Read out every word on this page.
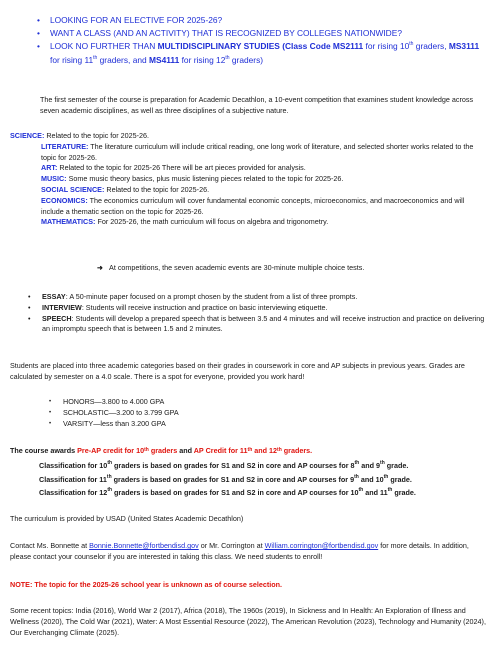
• LOOKING FOR AN ELECTIVE FOR 2025-26?
• WANT A CLASS (AND AN ACTIVITY) THAT IS RECOGNIZED BY COLLEGES NATIONWIDE?
• LOOK NO FURTHER THAN MULTIDISCIPLINARY STUDIES (Class Code MS2111 for rising 10th graders, MS3111 for rising 11th graders, and MS4111 for rising 12th graders)
The first semester of the course is preparation for Academic Decathlon, a 10-event competition that examines student knowledge across seven academic disciplines, as well as three disciplines of a subjective nature.
SCIENCE: Related to the topic for 2025-26.
LITERATURE: The literature curriculum will include critical reading, one long work of literature, and selected shorter works related to the topic for 2025-26.
ART: Related to the topic for 2025-26 There will be art pieces provided for analysis.
MUSIC: Some music theory basics, plus music listening pieces related to the topic for 2025-26.
SOCIAL SCIENCE: Related to the topic for 2025-26.
ECONOMICS: The economics curriculum will cover fundamental economic concepts, microeconomics, and macroeconomics and will include a thematic section on the topic for 2025-26.
MATHEMATICS: For 2025-26, the math curriculum will focus on algebra and trigonometry.
➜ At competitions, the seven academic events are 30-minute multiple choice tests.
• ESSAY: A 50-minute paper focused on a prompt chosen by the student from a list of three prompts.
• INTERVIEW: Students will receive instruction and practice on basic interviewing etiquette.
• SPEECH: Students will develop a prepared speech that is between 3.5 and 4 minutes and will receive instruction and practice on delivering an impromptu speech that is between 1.5 and 2 minutes.
Students are placed into three academic categories based on their grades in coursework in core and AP subjects in previous years. Grades are calculated by semester on a 4.0 scale. There is a spot for everyone, provided you work hard!
• HONORS—3.800 to 4.000 GPA
• SCHOLASTIC—3.200 to 3.799 GPA
• VARSITY—less than 3.200 GPA
The course awards Pre-AP credit for 10th graders and AP Credit for 11th and 12th graders.
Classification for 10th graders is based on grades for S1 and S2 in core and AP courses for 8th and 9th grade.
Classification for 11th graders is based on grades for S1 and S2 in core and AP courses for 9th and 10th grade.
Classification for 12th graders is based on grades for S1 and S2 in core and AP courses for 10th and 11th grade.
The curriculum is provided by USAD (United States Academic Decathlon)
Contact Ms. Bonnette at Bonnie.Bonnette@fortbendisd.gov or Mr. Corrington at William.corrington@fortbendisd.gov for more details. In addition, please contact your counselor if you are interested in taking this class. We need students to enroll!
NOTE: The topic for the 2025-26 school year is unknown as of course selection.
Some recent topics: India (2016), World War 2 (2017), Africa (2018), The 1960s (2019), In Sickness and In Health: An Exploration of Illness and Wellness (2020), The Cold War (2021), Water: A Most Essential Resource (2022), The American Revolution (2023), Technology and Humanity (2024), Our Everchanging Climate (2025).
